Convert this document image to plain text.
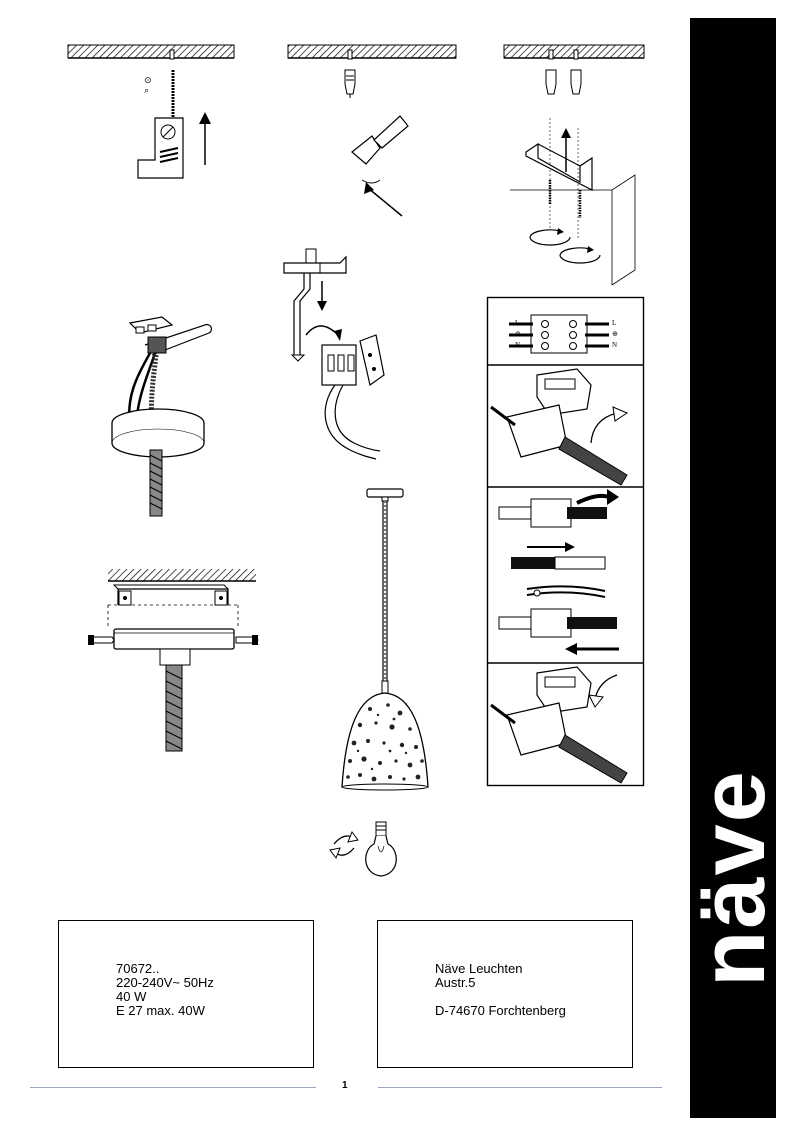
⊙
⌕
L
⊕
N
L
⊕
N
70672..
220-240V~ 50Hz
40 W
E 27 max. 40W
Näve Leuchten
Austr.5
D-74670 Forchtenberg
1
näve
